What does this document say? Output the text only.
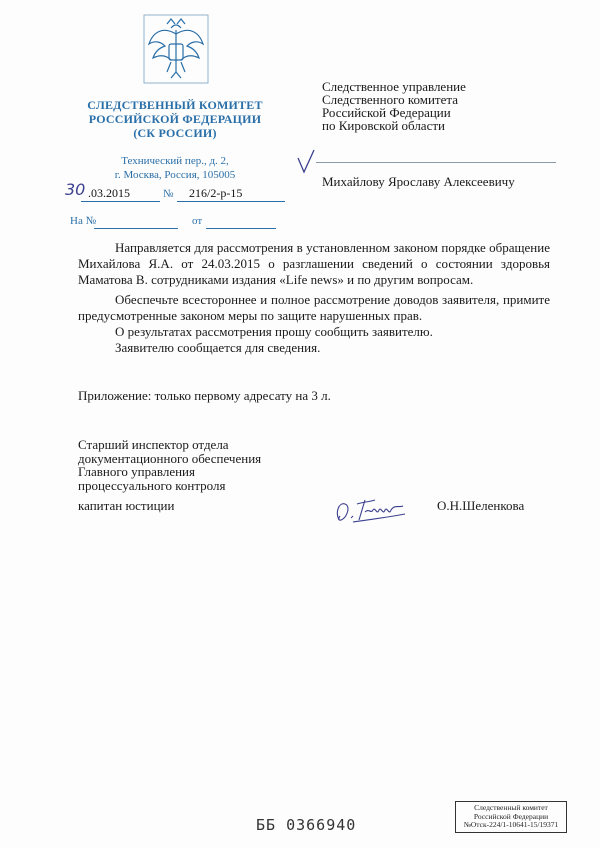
СЛЕДСТВЕННЫЙ КОМИТЕТ
РОССИЙСКОЙ ФЕДЕРАЦИИ
(СК РОССИИ)
Технический пер., д. 2,
г. Москва, Россия, 105005
30 .03.2015	№ 216/2-р-15
На №	от
Следственное управление
Следственного комитета
Российской Федерации
по Кировской области
Михайлову Ярославу Алексеевичу

Направляется для рассмотрения в установленном законом порядке обращение Михайлова Я.А. от 24.03.2015 о разглашении сведений о состоянии здоровья Маматова В. сотрудниками издания «Life news» и по другим вопросам.

Обеспечьте всестороннее и полное рассмотрение доводов заявителя, примите предусмотренные законом меры по защите нарушенных прав.

О результатах рассмотрения прошу сообщить заявителю.

Заявителю сообщается для сведения.

Приложение: только первому адресату на 3 л.
Старший инспектор отдела
документационного обеспечения
Главного управления
процессуального контроля
капитан юстиции	О.Н.Шеленкова
ББ 0366940
Следственный комитет
Российской Федерации
№Отск-224/1-10641-15/19371
